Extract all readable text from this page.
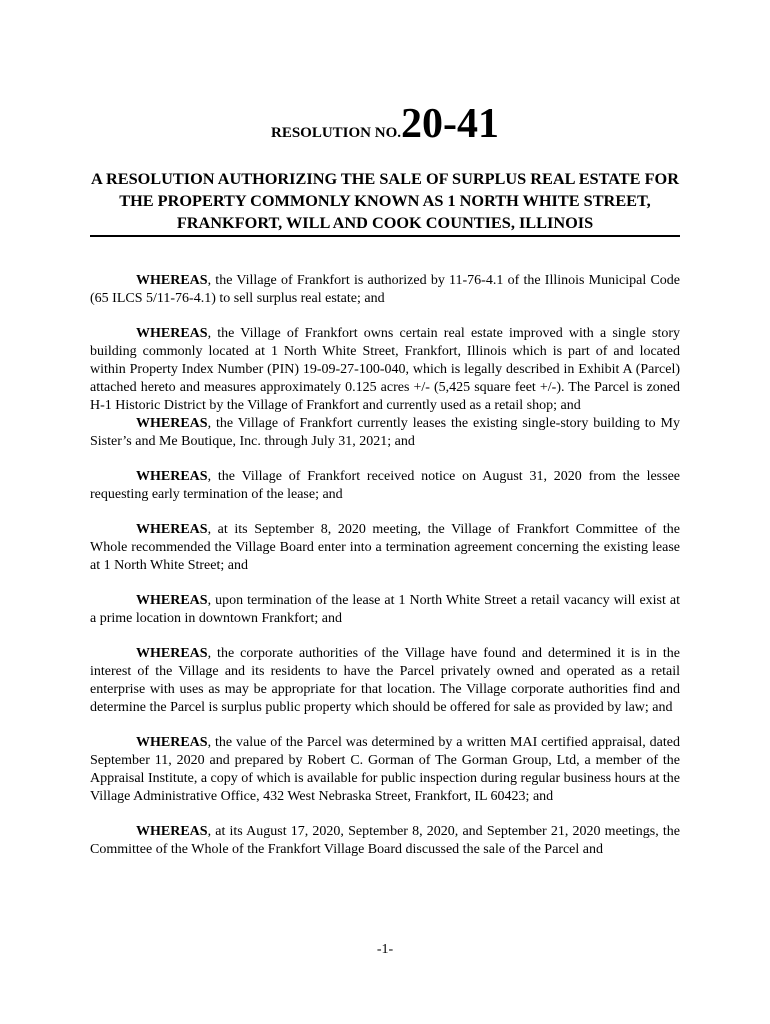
RESOLUTION NO.20-41
A RESOLUTION AUTHORIZING THE SALE OF SURPLUS REAL ESTATE FOR THE PROPERTY COMMONLY KNOWN AS 1 NORTH WHITE STREET, FRANKFORT, WILL AND COOK COUNTIES, ILLINOIS

WHEREAS, the Village of Frankfort is authorized by 11-76-4.1 of the Illinois Municipal Code (65 ILCS 5/11-76-4.1) to sell surplus real estate; and

WHEREAS, the Village of Frankfort owns certain real estate improved with a single story building commonly located at 1 North White Street, Frankfort, Illinois which is part of and located within Property Index Number (PIN) 19-09-27-100-040, which is legally described in Exhibit A (Parcel) attached hereto and measures approximately 0.125 acres +/- (5,425 square feet +/-). The Parcel is zoned H-1 Historic District by the Village of Frankfort and currently used as a retail shop; and

WHEREAS, the Village of Frankfort currently leases the existing single-story building to My Sister’s and Me Boutique, Inc. through July 31, 2021; and

WHEREAS, the Village of Frankfort received notice on August 31, 2020 from the lessee requesting early termination of the lease; and

WHEREAS, at its September 8, 2020 meeting, the Village of Frankfort Committee of the Whole recommended the Village Board enter into a termination agreement concerning the existing lease at 1 North White Street; and

WHEREAS, upon termination of the lease at 1 North White Street a retail vacancy will exist at a prime location in downtown Frankfort; and

WHEREAS, the corporate authorities of the Village have found and determined it is in the interest of the Village and its residents to have the Parcel privately owned and operated as a retail enterprise with uses as may be appropriate for that location. The Village corporate authorities find and determine the Parcel is surplus public property which should be offered for sale as provided by law; and

WHEREAS, the value of the Parcel was determined by a written MAI certified appraisal, dated September 11, 2020 and prepared by Robert C. Gorman of The Gorman Group, Ltd, a member of the Appraisal Institute, a copy of which is available for public inspection during regular business hours at the Village Administrative Office, 432 West Nebraska Street, Frankfort, IL 60423; and

WHEREAS, at its August 17, 2020, September 8, 2020, and September 21, 2020 meetings, the Committee of the Whole of the Frankfort Village Board discussed the sale of the Parcel and

-1-
